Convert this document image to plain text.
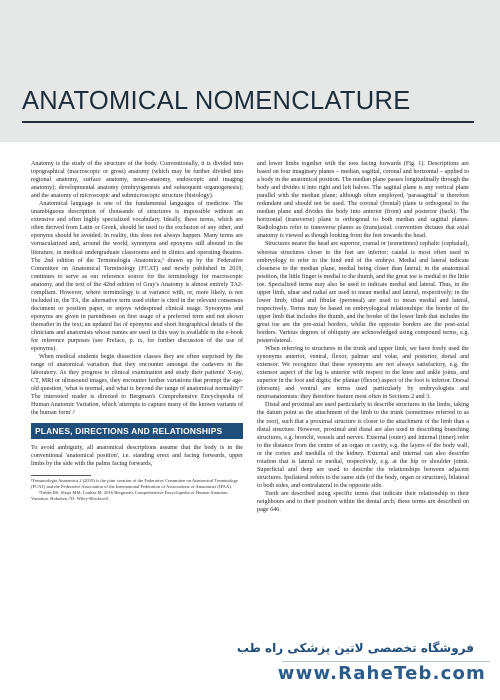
ANATOMICAL NOMENCLATURE

Anatomy is the study of the structure of the body. Conventionally, it is divided into topographical (macroscopic or gross) anatomy (which may be further divided into regional anatomy, surface anatomy, neuro-anatomy, endoscopic and imaging anatomy); developmental anatomy (embryogenesis and subsequent organogenesis); and the anatomy of microscopic and submicroscopic structure (histology).

Anatomical language is one of the fundamental languages of medicine. The unambiguous description of thousands of structures is impossible without an extensive and often highly specialized vocabulary. Ideally, these terms, which are often derived from Latin or Greek, should be used to the exclusion of any other, and eponyms should be avoided. In reality, this does not always happen. Many terms are vernacularized and, around the world, synonyms and eponyms still abound in the literature, in medical undergraduate classrooms and in clinics and operating theatres. The 2nd edition of the Terminologia Anatomica,¹ drawn up by the Federative Committee on Anatomical Terminology (FCAT) and newly published in 2019, continues to serve as our reference source for the terminology for macroscopic anatomy, and the text of the 42nd edition of Gray's Anatomy is almost entirely TA2-compliant. However, where terminology is at variance with, or, more likely, is not included in, the TA, the alternative term used either is cited in the relevant consensus document or position paper, or enjoys widespread clinical usage. Synonyms and eponyms are given in parentheses on first usage of a preferred term and not shown thereafter in the text; an updated list of eponyms and short biographical details of the clinicians and anatomists whose names are used in this way is available in the e-book for reference purposes (see Preface, p. ix, for further discussion of the use of eponyms).

When medical students begin dissection classes they are often surprised by the range of anatomical variation that they encounter amongst the cadavers in the laboratory. As they progress to clinical examination and study their patients' X-ray, CT, MRI or ultrasound images, they encounter further variations that prompt the age-old question, 'what is normal, and what is beyond the range of anatomical normality?' The interested reader is directed to Bergman's Comprehensive Encyclopedia of Human Anatomic Variation, which 'attempts to capture many of the known variants of the human form'.²

PLANES, DIRECTIONS AND RELATIONSHIPS

To avoid ambiguity, all anatomical descriptions assume that the body is in the conventional 'anatomical position', i.e. standing erect and facing forwards, upper limbs by the side with the palms facing forwards,

¹Terminologia Anatomica 2 (2019) is the joint creation of the Federative Committee on Anatomical Terminology (FCAT) and the Federative Association of the International Federation of Associations of Anatomists (IFAA).

²Tubbs RS, Shoja MM, Loukas M. 2016 Bergman's Comprehensive Encyclopedia of Human Anatomic Variation. Hoboken, NJ: Wiley-Blackwell.

and lower limbs together with the toes facing forwards (Fig. 1). Descriptions are based on four imaginary planes – median, sagittal, coronal and horizontal – applied to a body in the anatomical position. The median plane passes longitudinally through the body and divides it into right and left halves. The sagittal plane is any vertical plane parallel with the median plane; although often employed, 'parasagittal' is therefore redundant and should not be used. The coronal (frontal) plane is orthogonal to the median plane and divides the body into anterior (front) and posterior (back). The horizontal (transverse) plane is orthogonal to both median and sagittal planes. Radiologists refer to transverse planes as (trans)axial: convention dictates that axial anatomy is viewed as though looking from the feet towards the head.

Structures nearer the head are superior, cranial or (sometimes) cephalic (cephalad), whereas structures closer to the feet are inferior; caudal is most often used in embryology to refer to the hind end of the embryo. Medial and lateral indicate closeness to the median plane, medial being closer than lateral; in the anatomical position, the little finger is medial to the thumb, and the great toe is medial to the little toe. Specialized terms may also be used to indicate medial and lateral. Thus, in the upper limb, ulnar and radial are used to mean medial and lateral, respectively; in the lower limb, tibial and fibular (peroneal) are used to mean medial and lateral, respectively. Terms may be based on embryological relationships: the border of the upper limb that includes the thumb, and the border of the lower limb that includes the great toe are the pre-axial borders, whilst the opposite borders are the post-axial borders. Various degrees of obliquity are acknowledged using compound terms, e.g. posterolateral.

When referring to structures in the trunk and upper limb, we have freely used the synonyms anterior, ventral, flexor, palmar and volar, and posterior, dorsal and extensor. We recognize that these synonyms are not always satisfactory, e.g. the extensor aspect of the leg is anterior with respect to the knee and ankle joints, and superior in the foot and digits; the plantar (flexor) aspect of the foot is inferior. Dorsal (dorsum) and ventral are terms used particularly by embryologists and neuroanatomists: they therefore feature most often in Sections 2 and 3.

Distal and proximal are used particularly to describe structures in the limbs, taking the datum point as the attachment of the limb to the trunk (sometimes referred to as the root), such that a proximal structure is closer to the attachment of the limb than a distal structure. However, proximal and distal are also used in describing branching structures, e.g. bronchi, vessels and nerves. External (outer) and internal (inner) refer to the distance from the centre of an organ or cavity, e.g. the layers of the body wall, or the cortex and medulla of the kidney. External and internal can also describe rotation that is lateral or medial, respectively, e.g. at the hip or shoulder joints. Superficial and deep are used to describe the relationships between adjacent structures. Ipsilateral refers to the same side (of the body, organ or structure), bilateral to both sides, and contralateral to the opposite side.

Teeth are described using specific terms that indicate their relationship to their neighbours and to their position within the dental arch; these terms are described on page 646.

فروشگاه تخصصی لاتین پزشکی راه طب
www.RaheTeb.com
